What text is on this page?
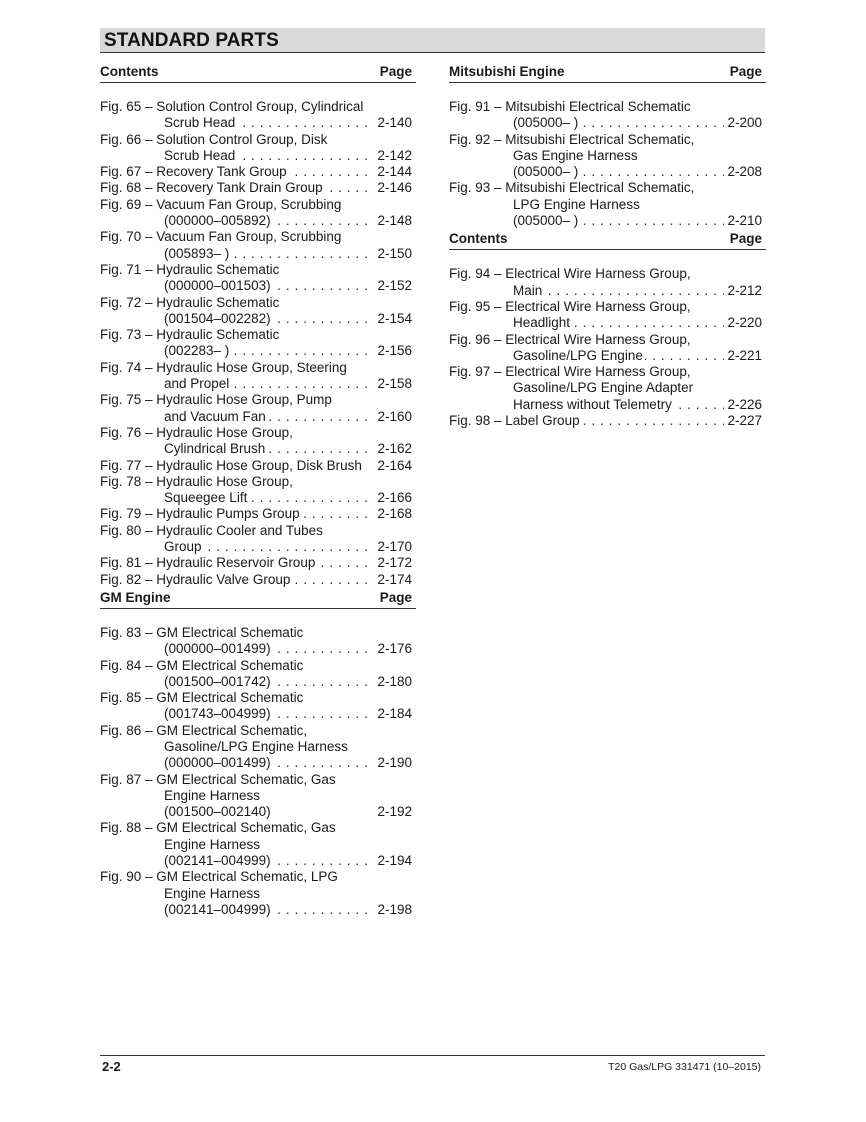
STANDARD PARTS
Contents	Page
Fig. 65 – Solution Control Group, Cylindrical
. . . Scrub Head	2-140
Fig. 66 – Solution Control Group, Disk
. . . Scrub Head	2-142
. . . Fig. 67 – Recovery Tank Group	2-144
. . . Fig. 68 – Recovery Tank Drain Group	2-146
Fig. 69 – Vacuum Fan Group, Scrubbing
. . . (000000–005892)	2-148
Fig. 70 – Vacuum Fan Group, Scrubbing
. . . (005893– )	2-150
Fig. 71 – Hydraulic Schematic
. . . (000000–001503)	2-152
Fig. 72 – Hydraulic Schematic
. . . (001504–002282)	2-154
Fig. 73 – Hydraulic Schematic
. . . (002283– )	2-156
Fig. 74 – Hydraulic Hose Group, Steering
. . . and Propel	2-158
Fig. 75 – Hydraulic Hose Group, Pump
. . . and Vacuum Fan	2-160
Fig. 76 – Hydraulic Hose Group,
. . . Cylindrical Brush	2-162
Fig. 77 – Hydraulic Hose Group, Disk Brush 2-164
Fig. 78 – Hydraulic Hose Group,
. . . Squeegee Lift	2-166
. . . Fig. 79 – Hydraulic Pumps Group	2-168
Fig. 80 – Hydraulic Cooler and Tubes
. . . Group	2-170
. . . Fig. 81 – Hydraulic Reservoir Group	2-172
. . . Fig. 82 – Hydraulic Valve Group	2-174
GM Engine	Page
Fig. 83 – GM Electrical Schematic
. . . (000000–001499)	2-176
Fig. 84 – GM Electrical Schematic
. . . (001500–001742)	2-180
Fig. 85 – GM Electrical Schematic
. . . (001743–004999)	2-184
Fig. 86 – GM Electrical Schematic,
Gasoline/LPG Engine Harness
. . . (000000–001499)	2-190
Fig. 87 – GM Electrical Schematic, Gas
Engine Harness
(001500–002140)	2-192
Fig. 88 – GM Electrical Schematic, Gas
Engine Harness
. . . (002141–004999)	2-194
Fig. 90 – GM Electrical Schematic, LPG
Engine Harness
. . . (002141–004999)	2-198
Mitsubishi Engine	Page
Fig. 91 – Mitsubishi Electrical Schematic
. . . (005000– )	2-200
Fig. 92 – Mitsubishi Electrical Schematic,
Gas Engine Harness
. . . (005000– )	2-208
Fig. 93 – Mitsubishi Electrical Schematic,
LPG Engine Harness
. . . (005000– )	2-210
Contents	Page
Fig. 94 – Electrical Wire Harness Group,
. . . Main	2-212
Fig. 95 – Electrical Wire Harness Group,
. . . Headlight	2-220
Fig. 96 – Electrical Wire Harness Group,
. . . Gasoline/LPG Engine	2-221
Fig. 97 – Electrical Wire Harness Group,
Gasoline/LPG Engine Adapter
. . . Harness without Telemetry	2-226
. . . Fig. 98 – Label Group	2-227
2-2	T20 Gas/LPG 331471 (10–2015)
